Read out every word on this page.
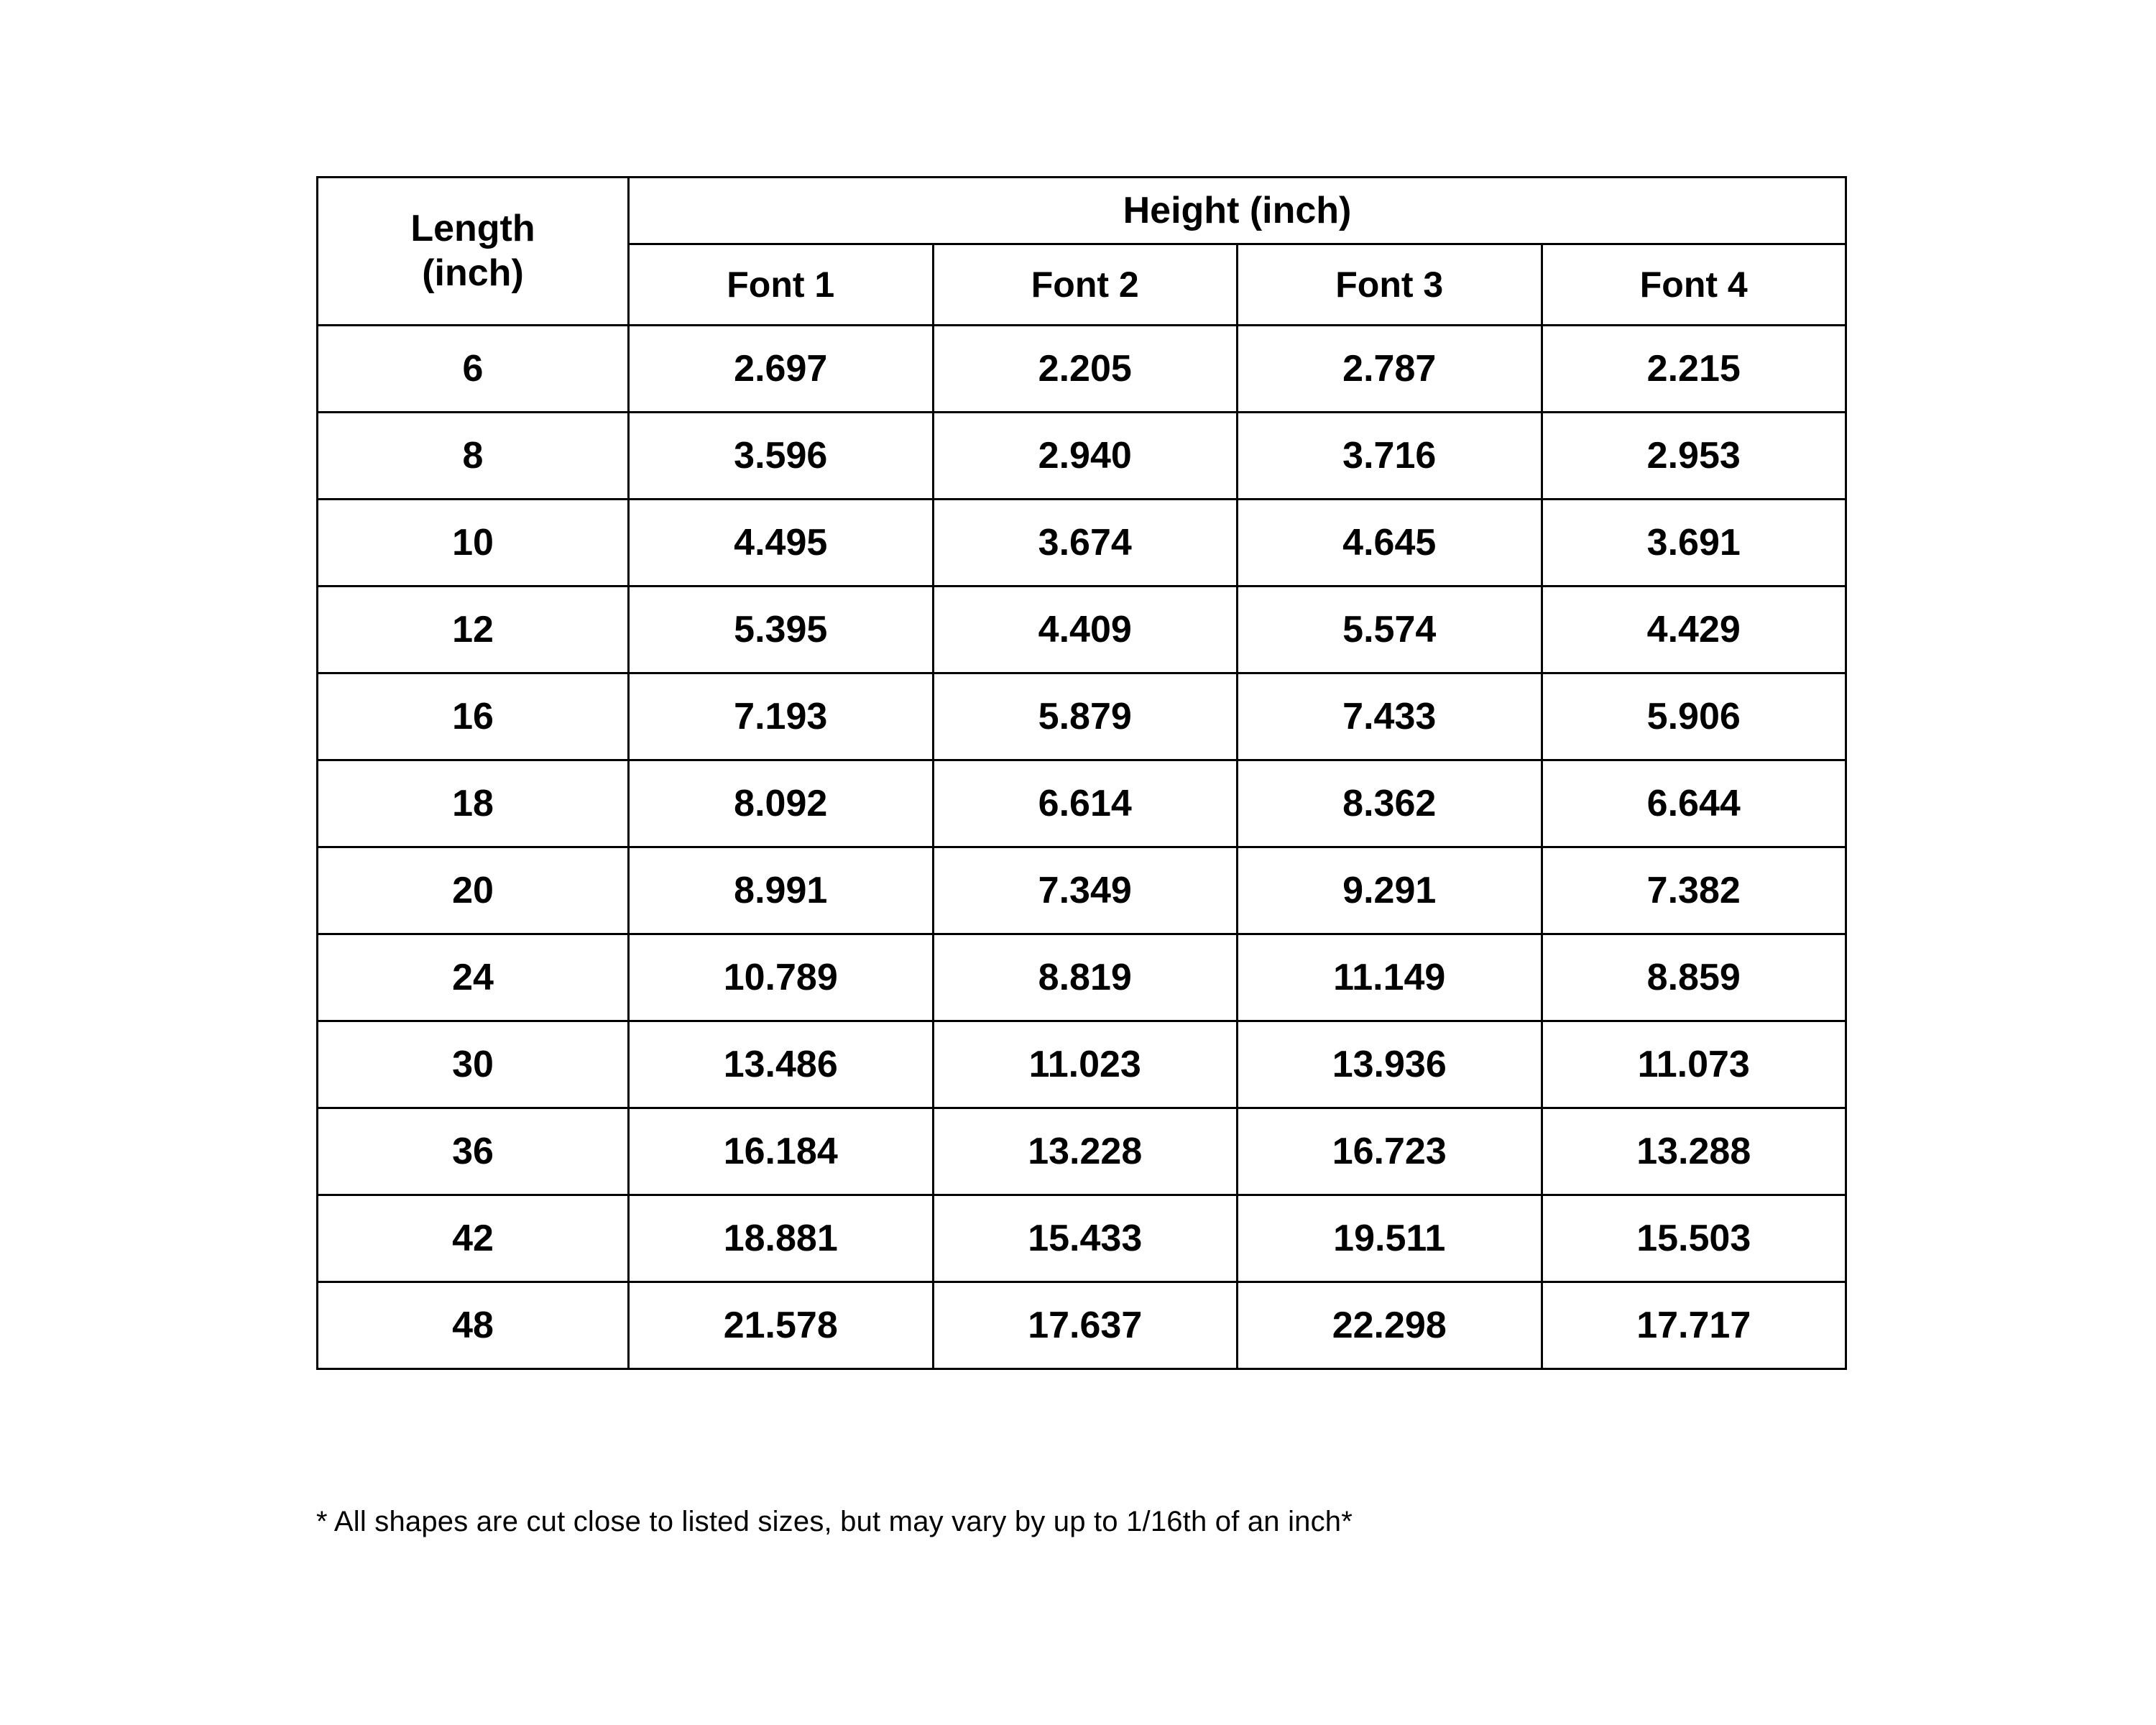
Length
(inch)	Height (inch)			
	Font 1	Font 2	Font 3	Font 4
6	2.697	2.205	2.787	2.215
8	3.596	2.940	3.716	2.953
10	4.495	3.674	4.645	3.691
12	5.395	4.409	5.574	4.429
16	7.193	5.879	7.433	5.906
18	8.092	6.614	8.362	6.644
20	8.991	7.349	9.291	7.382
24	10.789	8.819	11.149	8.859
30	13.486	11.023	13.936	11.073
36	16.184	13.228	16.723	13.288
42	18.881	15.433	19.511	15.503
48	21.578	17.637	22.298	17.717
* All shapes are cut close to listed sizes, but may vary by up to 1/16th of an inch*
